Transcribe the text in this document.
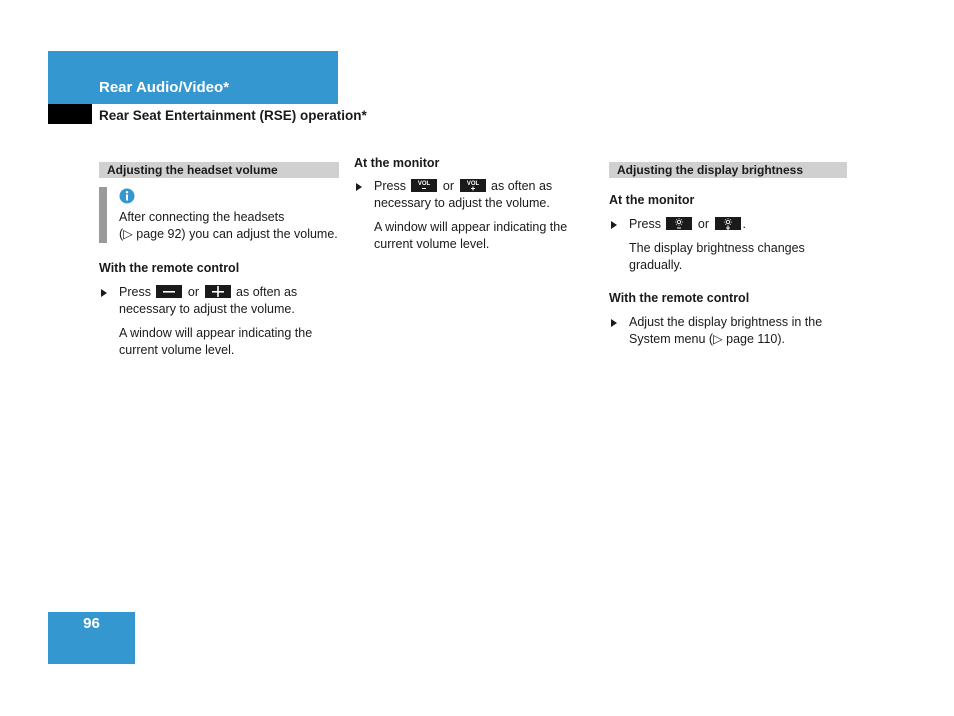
Rear Audio/Video*
Rear Seat Entertainment (RSE) operation*
Adjusting the headset volume
After connecting the headsets
(▷ page 92) you can adjust the volume.
With the remote control
Press	or	as often as
necessary to adjust the volume.
A window will appear indicating the
current volume level.
At the monitor
Press VOL or VOL as often as
necessary to adjust the volume.
A window will appear indicating the
current volume level.
Adjusting the display brightness
At the monitor
Press	or	.
The display brightness changes
gradually.
With the remote control
Adjust the display brightness in the
System menu (▷ page 110).
96
